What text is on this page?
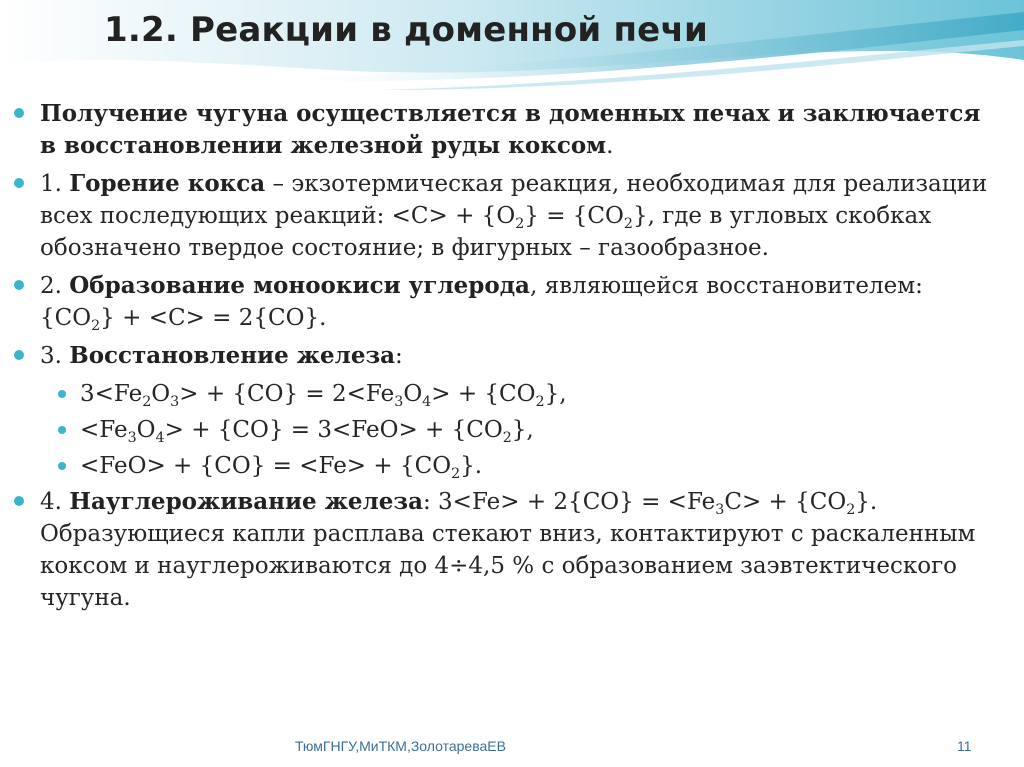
1.2. Реакции в доменной печи
Получение чугуна осуществляется в доменных печах и заключается в восстановлении железной руды коксом.
1. Горение кокса – экзотермическая реакция, необходимая для реализации всех последующих реакций: $<C> + \{O_2\} = \{CO_2\}$, где в угловых скобках обозначено твердое состояние; в фигурных – газообразное.
2. Образование моноокиси углерода, являющейся восстановителем: $\{CO_2\} + <C> = 2\{CO\}$.
3. Восстановление железа:
$3<Fe_2O_3> + \{CO\} = 2<Fe_3O_4> + \{CO_2\}$,
$<Fe_3O_4> + \{CO\} = 3<FeO> + \{CO_2\}$,
$<FeO> + \{CO\} = <Fe> + \{CO_2\}$.
4. Науглероживание железа: $3<Fe> + 2\{CO\} = <Fe_3C> + \{CO_2\}$. Образующиеся капли расплава стекают вниз, контактируют с раскаленным коксом и науглероживаются до 4÷4,5 % с образованием заэвтектического чугуна.
ТюмГНГУ,МиТКМ,ЗолотареваЕВ	11
